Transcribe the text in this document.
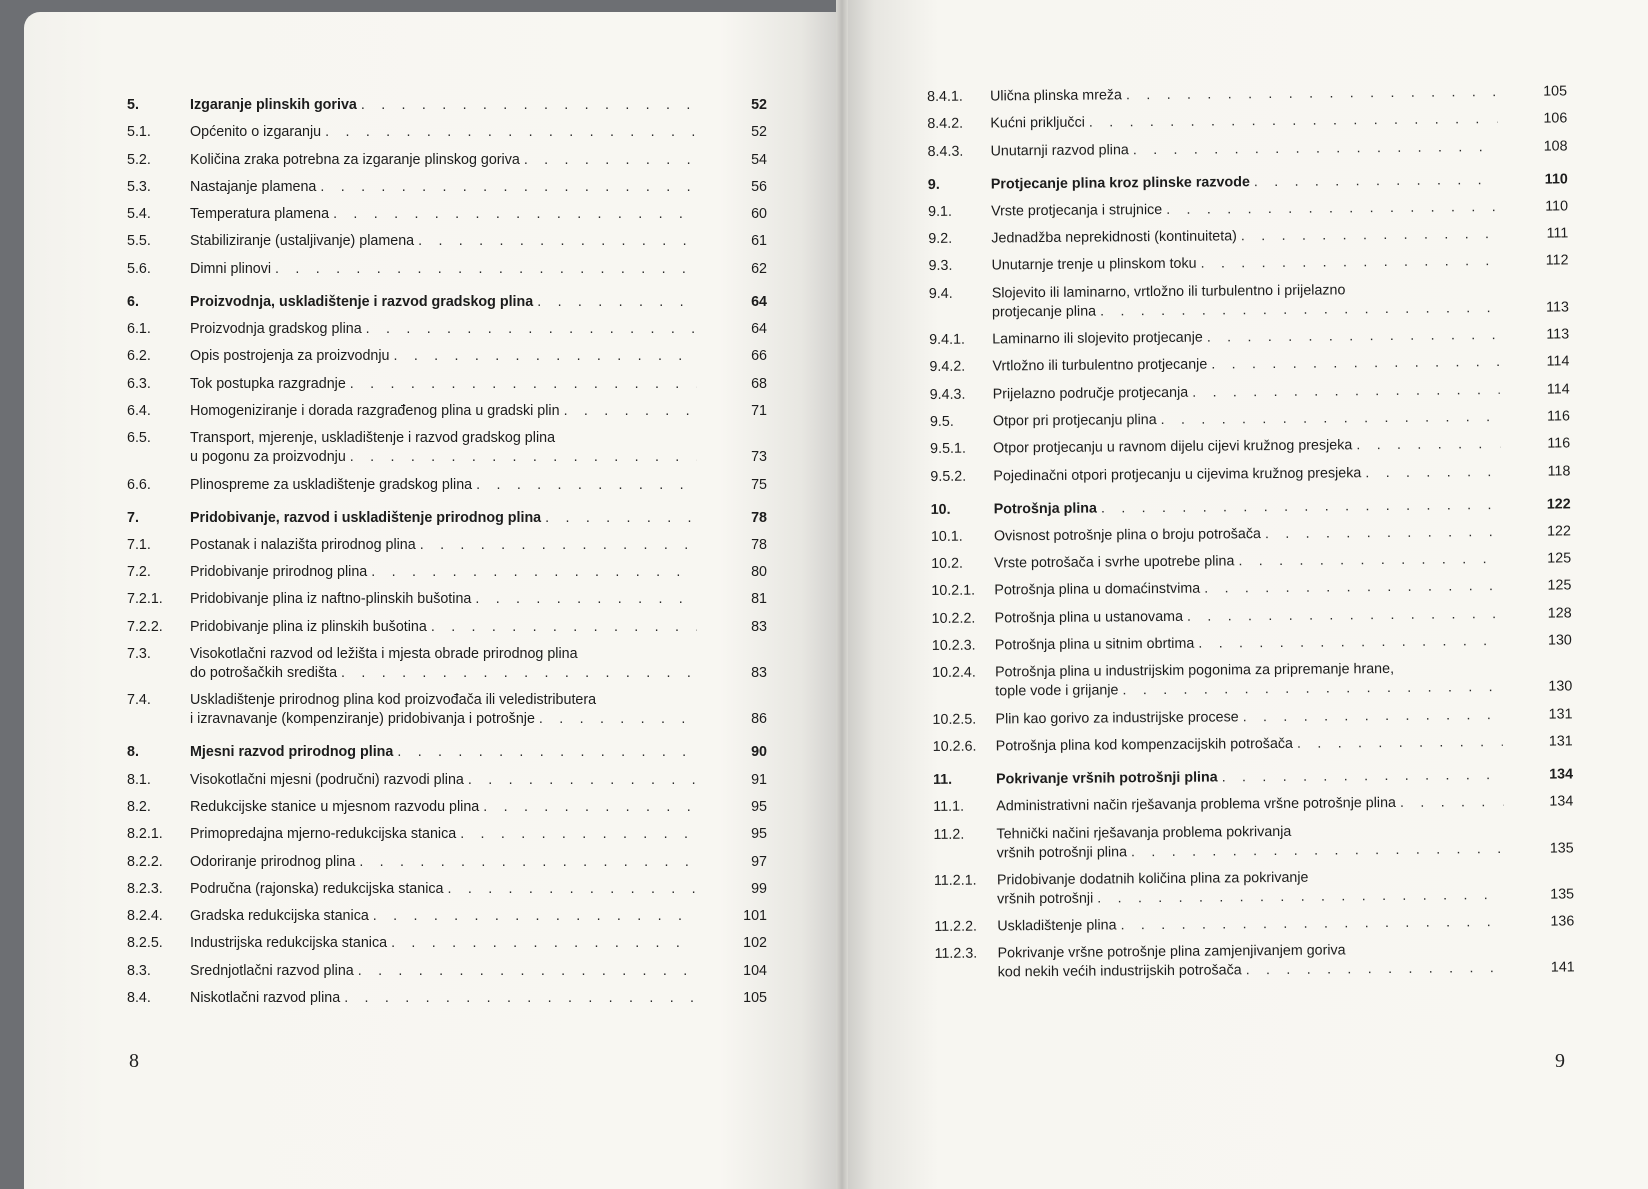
5.	Izgaranje plinskih goriva . . .	52
5.1.	Općenito o izgaranju . . .	52
5.2.	Količina zraka potrebna za izgaranje plinskog goriva . . .	54
5.3.	Nastajanje plamena . . .	56
5.4.	Temperatura plamena . . .	60
5.5.	Stabiliziranje (ustaljivanje) plamena . . .	61
5.6.	Dimni plinovi . . .	62
6.	Proizvodnja, uskladištenje i razvod gradskog plina . . .	64
6.1.	Proizvodnja gradskog plina . . .	64
6.2.	Opis postrojenja za proizvodnju . . .	66
6.3.	Tok postupka razgradnje . . .	68
6.4.	Homogeniziranje i dorada razgrađenog plina u gradski plin . . .	71
6.5.	Transport, mjerenje, uskladištenje i razvod gradskog plina
u pogonu za proizvodnju . . .	73
6.6.	Plinospreme za uskladištenje gradskog plina . . .	75
7.	Pridobivanje, razvod i uskladištenje prirodnog plina . . .	78
7.1.	Postanak i nalazišta prirodnog plina . . .	78
7.2.	Pridobivanje prirodnog plina . . .	80
7.2.1. Pridobivanje plina iz naftno-plinskih bušotina . . .	81
7.2.2. Pridobivanje plina iz plinskih bušotina . . .	83
7.3.	Visokotlačni razvod od ležišta i mjesta obrade prirodnog plina
do potrošačkih središta . . .	83
7.4.	Uskladištenje prirodnog plina kod proizvođača ili veledistributera
i izravnavanje (kompenziranje) pridobivanja i potrošnje . . .	86
8.	Mjesni razvod prirodnog plina . . .	90
8.1.	Visokotlačni mjesni (područni) razvodi plina . . .	91
8.2.	Redukcijske stanice u mjesnom razvodu plina . . .	95
8.2.1. Primopredajna mjerno-redukcijska stanica . . .	95
8.2.2. Odoriranje prirodnog plina . . .	97
8.2.3. Područna (rajonska) redukcijska stanica . . .	99
8.2.4. Gradska redukcijska stanica . . .	101
8.2.5. Industrijska redukcijska stanica . . .	102
8.3.	Srednjotlačni razvod plina . . .	104
8.4.	Niskotlačni razvod plina . . .	105
8.4.1. Ulična plinska mreža . . .	105
8.4.2. Kućni priključci . . .	106
8.4.3. Unutarnji razvod plina . . .	108
9.	Protjecanje plina kroz plinske razvode . . .	110
9.1.	Vrste protjecanja i strujnice . . .	110
9.2.	Jednadžba neprekidnosti (kontinuiteta) . . .	111
9.3.	Unutarnje trenje u plinskom toku . . .	112
9.4.	Slojevito ili laminarno, vrtložno ili turbulentno i prijelazno
protjecanje plina . . .	113
9.4.1. Laminarno ili slojevito protjecanje . . .	113
9.4.2. Vrtložno ili turbulentno protjecanje . . .	114
9.4.3. Prijelazno područje protjecanja . . .	114
9.5.	Otpor pri protjecanju plina . . .	116
9.5.1. Otpor protjecanju u ravnom dijelu cijevi kružnog presjeka . . .	116
9.5.2. Pojedinačni otpori protjecanju u cijevima kružnog presjeka . . .	118
10.	Potrošnja plina . . .	122
10.1. Ovisnost potrošnje plina o broju potrošača . . .	122
10.2. Vrste potrošača i svrhe upotrebe plina . . .	125
10.2.1. Potrošnja plina u domaćinstvima . . .	125
10.2.2. Potrošnja plina u ustanovama . . .	128
10.2.3. Potrošnja plina u sitnim obrtima . . .	130
10.2.4. Potrošnja plina u industrijskim pogonima za pripremanje hrane,
tople vode i grijanje . . .	130
10.2.5. Plin kao gorivo za industrijske procese . . .	131
10.2.6. Potrošnja plina kod kompenzacijskih potrošača . . .	131
11.	Pokrivanje vršnih potrošnji plina . . .	134
11.1. Administrativni način rješavanja problema vršne potrošnje plina . . .	134
11.2. Tehnički načini rješavanja problema pokrivanja
vršnih potrošnji plina . . .	135
11.2.1. Pridobivanje dodatnih količina plina za pokrivanje
vršnih potrošnji . . .	135
11.2.2. Uskladištenje plina . . .	136
11.2.3. Pokrivanje vršne potrošnje plina zamjenjivanjem goriva
kod nekih većih industrijskih potrošača . . .	141
8	9
